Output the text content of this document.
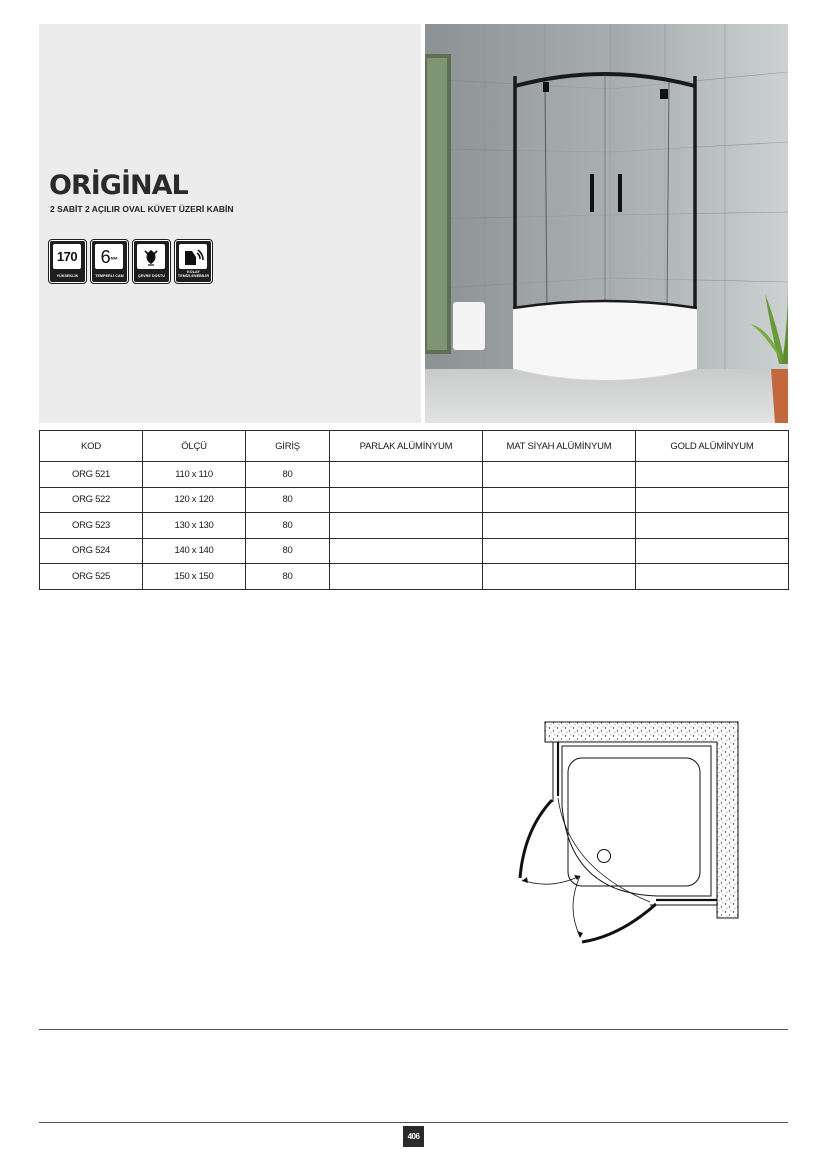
ORİGİNAL
2 SABİT 2 AÇILIR OVAL KÜVET ÜZERİ KABİN
170
YÜKSEKLİK
6MM
TEMPERLİ CAM	ÇEVRE DOSTU
KOLAY TEMİZLENEBİLİR
KOD	ÖLÇÜ	GİRİŞ	PARLAK ALÜMİNYUM	MAT SİYAH ALÜMİNYUM	GOLD ALÜMİNYUM
ORG 521	110 x 110	80			
ORG 522	120 x 120	80			
ORG 523	130 x 130	80			
ORG 524	140 x 140	80			
ORG 525	150 x 150	80			
406
